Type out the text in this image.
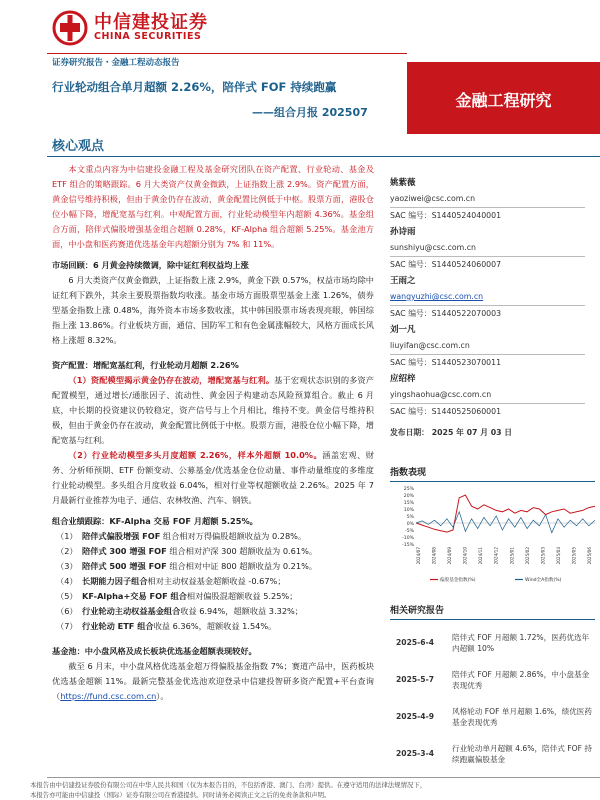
中信建投证券
CHINA SECURITIES
证券研究报告・金融工程动态报告
行业轮动组合单月超额 2.26%，陪伴式 FOF 持续跑赢
——组合月报 202507
金融工程研究
核心观点

本文重点内容为中信建投金融工程及基金研究团队在资产配置、行业轮动、基金及 ETF 组合的策略跟踪。6 月大类资产仅黄金微跌，上证指数上涨 2.9%。资产配置方面，黄金信号维持积极，但由于黄金仍存在波动，黄金配置比例低于中枢。股票方面，港股仓位小幅下降，增配宽基与红利。中观配置方面，行业轮动模型年内超额 4.36%。基金组合方面，陪伴式偏股增强基金组合超额 0.28%，KF-Alpha 组合超额 5.25%。基金池方面，中小盘和医药赛道优选基金年内超额分别为 7% 和 11%。

市场回顾：6 月黄金持续微调，除中证红利权益均上涨

6 月大类资产仅黄金微跌，上证指数上涨 2.9%，黄金下跌 0.57%，权益市场均除中证红利下跌外，其余主要股票指数均收涨。基金市场方面股票型基金上涨 1.26%，债券型基金指数上涨 0.48%，海外资本市场多数收涨，其中韩国股票市场表现亮眼，韩国综指上涨 13.86%。行业板块方面，通信、国防军工和有色金属涨幅较大，风格方面成长风格上涨超 8.32%。

资产配置：增配宽基红利，行业轮动月超额 2.26%

（1）资配模型揭示黄金仍存在波动，增配宽基与红利。基于宏观状态识别的多资产配置模型，通过增长/通胀因子、流动性、黄金因子构建动态风险预算组合。截止 6 月底，中长期的投资建议仍较稳定，资产信号与上个月相比，维持不变。黄金信号维持积极，但由于黄金仍存在波动，黄金配置比例低于中枢。股票方面，港股仓位小幅下降，增配宽基与红利。

（2）行业轮动模型多头月度超额 2.26%，样本外超额 10.0%。涵盖宏观、财务、分析师预期、ETF 份额变动、公募基金/优选基金仓位动量、事件动量维度的多维度行业轮动模型。多头组合月度收益 6.04%，相对行业等权超额收益 2.26%。2025 年 7 月最新行业推荐为电子、通信、农林牧渔、汽车、钢铁。

组合业绩跟踪：KF-Alpha 交易 FOF 月超额 5.25%。

（1） 陪伴式偏股增强 FOF 组合相对万得偏股超额收益为 0.28%。
（2） 陪伴式 300 增强 FOF 组合相对沪深 300 超额收益为 0.61%。
（3） 陪伴式 500 增强 FOF 组合相对中证 800 超额收益为 0.21%。
（4） 长期能力因子组合相对主动权益基金超额收益 -0.67%；
（5） KF-Alpha+交易 FOF 组合相对偏股混超额收益 5.25%；
（6） 行业轮动主动权益基金组合收益 6.94%，超额收益 3.32%；
（7） 行业轮动 ETF 组合收益 6.36%，超额收益 1.54%。

基金池：中小盘风格及成长板块优选基金超额表现较好。

截至 6 月末，中小盘风格优选基金超万得偏股基金指数 7%；赛道产品中，医药板块优选基金超额 11%。最新完整基金优选池欢迎登录中信建投智研多资产配置+平台查询（https://fund.csc.com.cn）。

姚紫薇
yaoziwei@csc.com.cn
SAC 编号：S1440524040001
孙诗雨
sunshiyu@csc.com.cn
SAC 编号：S1440524060007
王雨之
wangyuzhi@csc.com.cn
SAC 编号：S1440522070003
刘一凡
liuyifan@csc.com.cn
SAC 编号：S1440523070011
应绍梓
yingshaohua@csc.com.cn
SAC 编号：S1440525060001
发布日期： 2025 年 07 月 03 日
指数表现
25%
20%
15%
10%
5%
0%
-5%
-10%
-15%
2024/07	2024/08	2024/09	2024/10	2024/11	2024/12	2025/01	2025/02	2025/03	2025/04	2025/05	2025/06
偏股基金指数(%)	Wind全A指数(%)
相关研究报告
2025-6-4
陪伴式 FOF 月超额 1.72%，医药优选年内超额 10%
2025-5-7
陪伴式 FOF 月超额 2.86%，中小盘基金表现优秀
2025-4-9
风格轮动 FOF 单月超额 1.6%，绩优医药基金表现优秀
2025-3-4
行业轮动单月超额 4.6%，陪伴式 FOF 持续跑赢偏股基金
本报告由中信建投证券股份有限公司在中华人民共和国（仅为本报告目的，不包括香港、澳门、台湾）提供。在遵守适用的法律法规情况下，
本报告亦可能由中信建投（国际）证券有限公司在香港提供。同时请务必阅读正文之后的免责条款和声明。
